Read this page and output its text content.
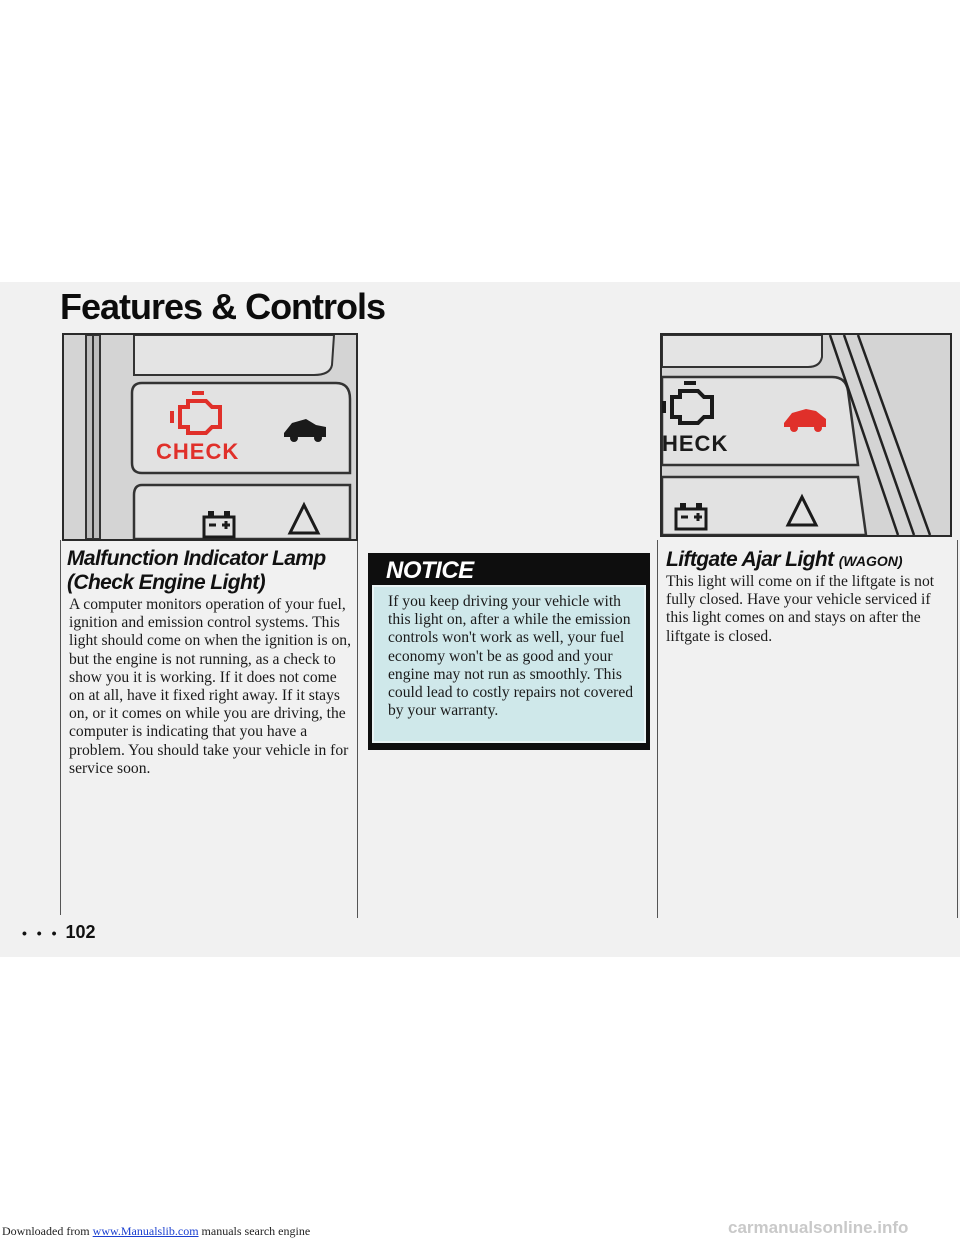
Features & Controls
CHECK	HECK
Malfunction Indicator Lamp
(Check Engine Light)

A computer monitors operation of your fuel, ignition and emission control systems. This light should come on when the ignition is on, but the engine is not running, as a check to show you it is working. If it does not come on at all, have it fixed right away. If it stays on, or it comes on while you are driving, the computer is indicating that you have a problem. You should take your vehicle in for service soon.

NOTICE

If you keep driving your vehicle with this light on, after a while the emission controls won't work as well, your fuel economy won't be as good and your engine may not run as smoothly. This could lead to costly repairs not covered by your warranty.

Liftgate Ajar Light (WAGON)

This light will come on if the liftgate is not fully closed. Have your vehicle serviced if this light comes on and stays on after the liftgate is closed.

• • • 102
Downloaded from www.Manualslib.com manuals search engine	carmanualsonline.info
